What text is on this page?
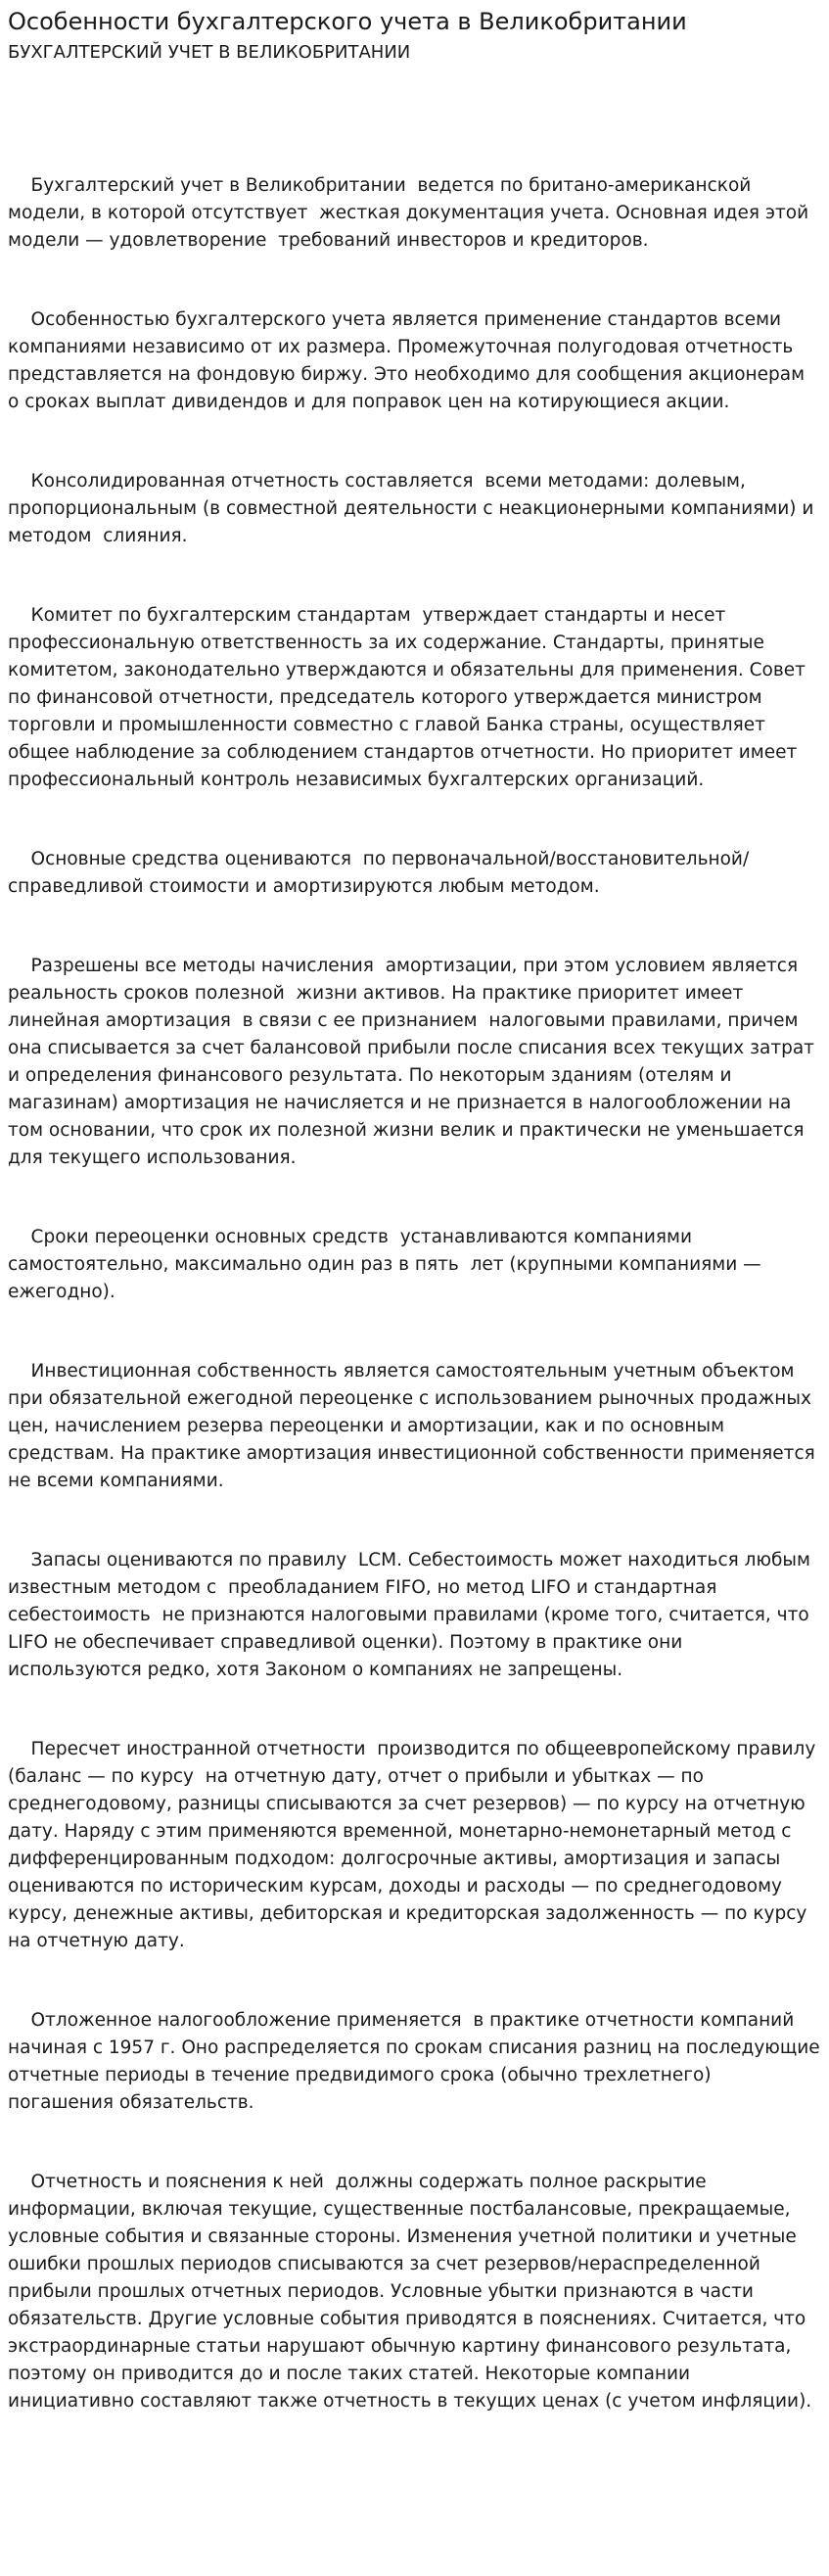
Особенности бухгалтерского учета в Великобритании
БУХГАЛТЕРСКИЙ УЧЕТ В ВЕЛИКОБРИТАНИИ

Бухгалтерский учет в Великобритании  ведется по британо-американской модели, в которой отсутствует  жесткая документация учета. Основная идея этой модели — удовлетворение  требований инвесторов и кредиторов.

Особенностью бухгалтерского учета является применение стандартов всеми компаниями независимо от их размера. Промежуточная полугодовая отчетность представляется на фондовую биржу. Это необходимо для сообщения акционерам о сроках выплат дивидендов и для поправок цен на котирующиеся акции.

Консолидированная отчетность составляется  всеми методами: долевым, пропорциональным (в совместной деятельности с неакционерными компаниями) и методом  слияния.

Комитет по бухгалтерским стандартам  утверждает стандарты и несет профессиональную ответственность за их содержание. Стандарты, принятые комитетом, законодательно утверждаются и обязательны для применения. Совет по финансовой отчетности, председатель которого утверждается министром торговли и промышленности совместно с главой Банка страны, осуществляет общее наблюдение за соблюдением стандартов отчетности. Но приоритет имеет профессиональный контроль независимых бухгалтерских организаций.

Основные средства оцениваются  по первоначальной/восстановительной/справедливой стоимости и амортизируются любым методом.

Разрешены все методы начисления  амортизации, при этом условием является реальность сроков полезной  жизни активов. На практике приоритет имеет линейная амортизация  в связи с ее признанием  налоговыми правилами, причем она списывается за счет балансовой прибыли после списания всех текущих затрат и определения финансового результата. По некоторым зданиям (отелям и магазинам) амортизация не начисляется и не признается в налогообложении на том основании, что срок их полезной жизни велик и практически не уменьшается для текущего использования.

Сроки переоценки основных средств  устанавливаются компаниями самостоятельно, максимально один раз в пять  лет (крупными компаниями — ежегодно).

Инвестиционная собственность является самостоятельным учетным объектом при обязательной ежегодной переоценке с использованием рыночных продажных цен, начислением резерва переоценки и амортизации, как и по основным средствам. На практике амортизация инвестиционной собственности применяется не всеми компаниями.

Запасы оцениваются по правилу  LCM. Себестоимость может находиться любым известным методом с  преобладанием FIFO, но метод LIFO и стандартная себестоимость  не признаются налоговыми правилами (кроме того, считается, что LIFO не обеспечивает справедливой оценки). Поэтому в практике они используются редко, хотя Законом о компаниях не запрещены.

Пересчет иностранной отчетности  производится по общеевропейскому правилу (баланс — по курсу  на отчетную дату, отчет о прибыли и убытках — по среднегодовому, разницы списываются за счет резервов) — по курсу на отчетную дату. Наряду с этим применяются временной, монетарно-немонетарный метод с дифференцированным подходом: долгосрочные активы, амортизация и запасы оцениваются по историческим курсам, доходы и расходы — по среднегодовому курсу, денежные активы, дебиторская и кредиторская задолженность — по курсу на отчетную дату.

Отложенное налогообложение применяется  в практике отчетности компаний начиная с 1957 г. Оно распределяется по срокам списания разниц на последующие отчетные периоды в течение предвидимого срока (обычно трехлетнего) погашения обязательств.

Отчетность и пояснения к ней  должны содержать полное раскрытие информации, включая текущие, существенные постбалансовые, прекращаемые, условные события и связанные стороны. Изменения учетной политики и учетные ошибки прошлых периодов списываются за счет резервов/нераспределенной прибыли прошлых отчетных периодов. Условные убытки признаются в части обязательств. Другие условные события приводятся в пояснениях. Считается, что экстраординарные статьи нарушают обычную картину финансового результата, поэтому он приводится до и после таких статей. Некоторые компании инициативно составляют также отчетность в текущих ценах (с учетом инфляции).
